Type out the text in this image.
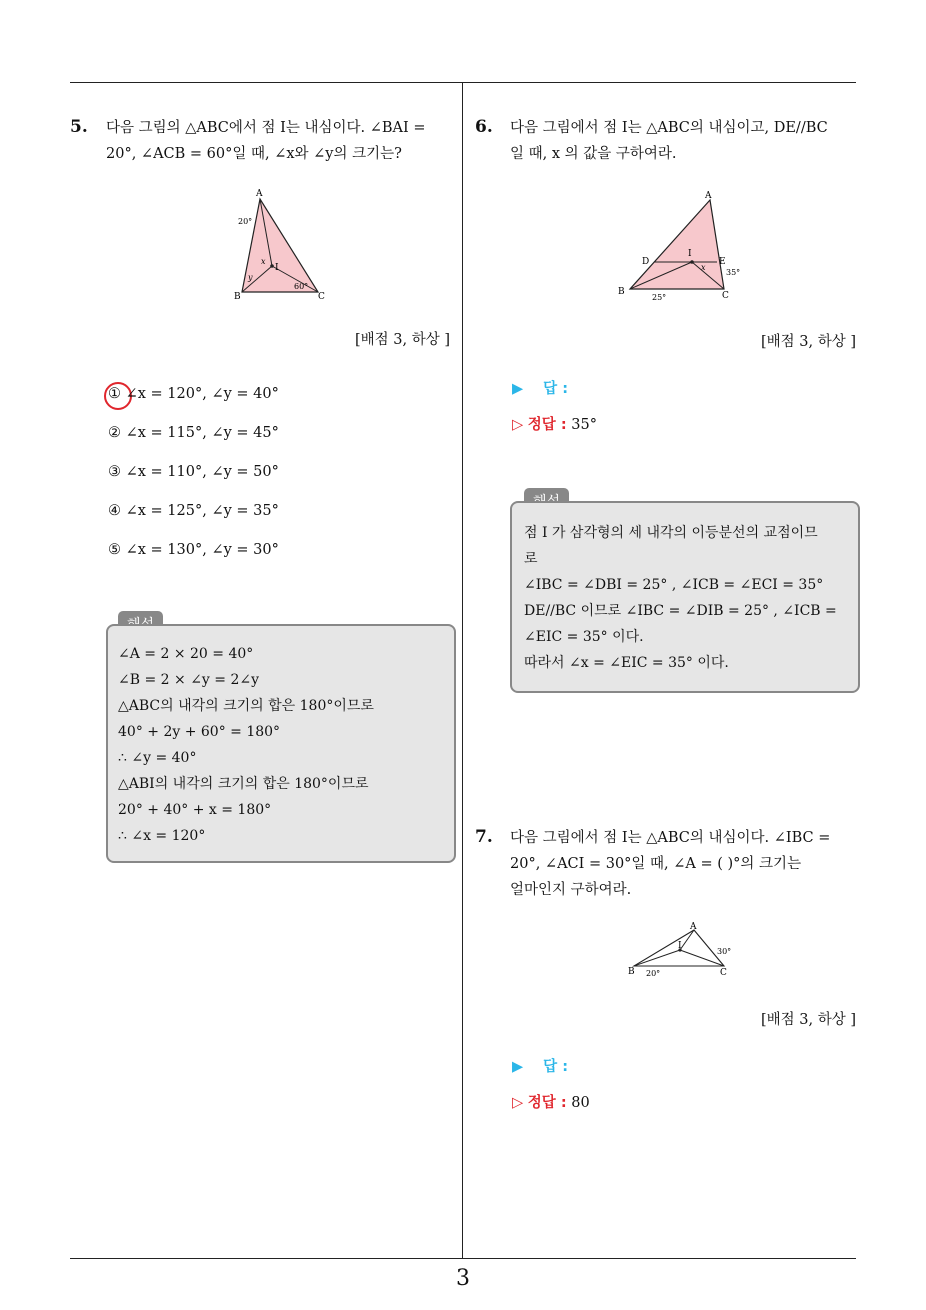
3
5. 다음 그림의 △ABC에서 점 I는 내심이다. ∠BAI =
20°, ∠ACB = 60°일 때, ∠x와 ∠y의 크기는?
A
B	C
I
20°
60°
x
y
[배점 3, 하상 ]
① ∠x = 120°, ∠y = 40°
② ∠x = 115°, ∠y = 45°
③ ∠x = 110°, ∠y = 50°
④ ∠x = 125°, ∠y = 35°
⑤ ∠x = 130°, ∠y = 30°
∠A = 2 × 20 = 40°
∠B = 2 × ∠y = 2∠y
△ABC의 내각의 크기의 합은 180°이므로
40° + 2y + 60° = 180°
∴ ∠y = 40°
△ABI의 내각의 크기의 합은 180°이므로
20° + 40° + x = 180°
∴ ∠x = 120°
6. 다음 그림에서 점 I는 △ABC의 내심이고, DE//BC
일 때, x 의 값을 구하여라.
A
B	C
D	E
I
25°
35°
x
[배점 3, 하상 ]
▶ 답 :
▷ 정답 : 35°
점 I 가 삼각형의 세 내각의 이등분선의 교점이므
로
∠IBC = ∠DBI = 25° , ∠ICB = ∠ECI = 35°
DE//BC 이므로 ∠IBC = ∠DIB = 25° , ∠ICB =
∠EIC = 35° 이다.
따라서 ∠x = ∠EIC = 35° 이다.
7. 다음 그림에서 점 I는 △ABC의 내심이다. ∠IBC =
20°, ∠ACI = 30°일 때, ∠A = ( )°의 크기는
얼마인지 구하여라.
A
B	C
I
20°
30°
[배점 3, 하상 ]
▶ 답 :
▷ 정답 : 80
